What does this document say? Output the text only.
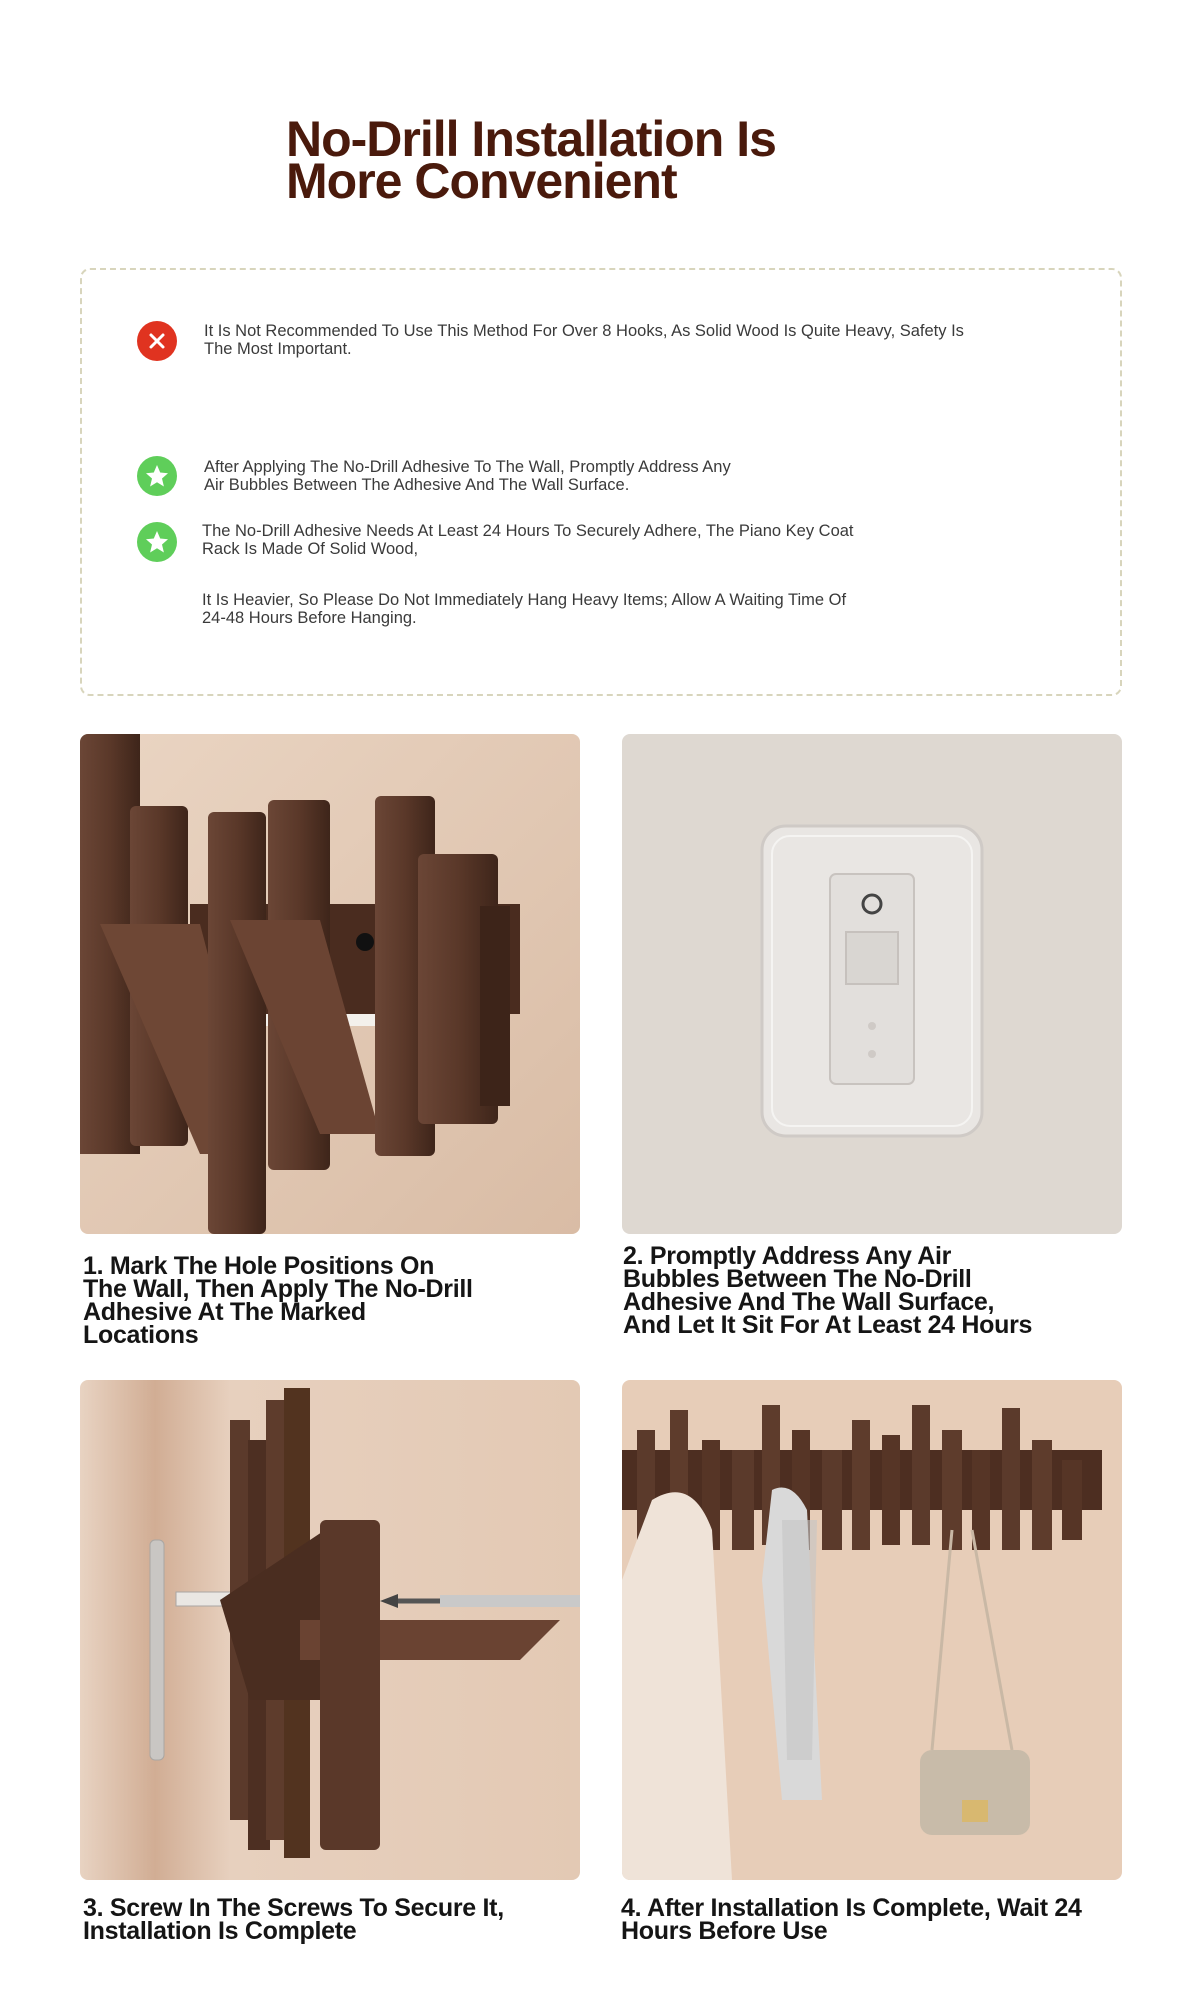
No-Drill Installation Is
More Convenient
It Is Not Recommended To Use This Method For Over 8 Hooks, As Solid Wood Is Quite Heavy, Safety Is
The Most Important.
After Applying The No-Drill Adhesive To The Wall, Promptly Address Any
Air Bubbles Between The Adhesive And The Wall Surface.
The No-Drill Adhesive Needs At Least 24 Hours To Securely Adhere, The Piano Key Coat
Rack Is Made Of Solid Wood,
It Is Heavier, So Please Do Not Immediately Hang Heavy Items; Allow A Waiting Time Of
24-48 Hours Before Hanging.
1. Mark The Hole Positions On
The Wall, Then Apply The No-Drill
Adhesive At The Marked
Locations
2. Promptly Address Any Air
Bubbles Between The No-Drill
Adhesive And The Wall Surface,
And Let It Sit For At Least 24 Hours
3. Screw In The Screws To Secure It,
Installation Is Complete
4. After Installation Is Complete, Wait 24
Hours Before Use
